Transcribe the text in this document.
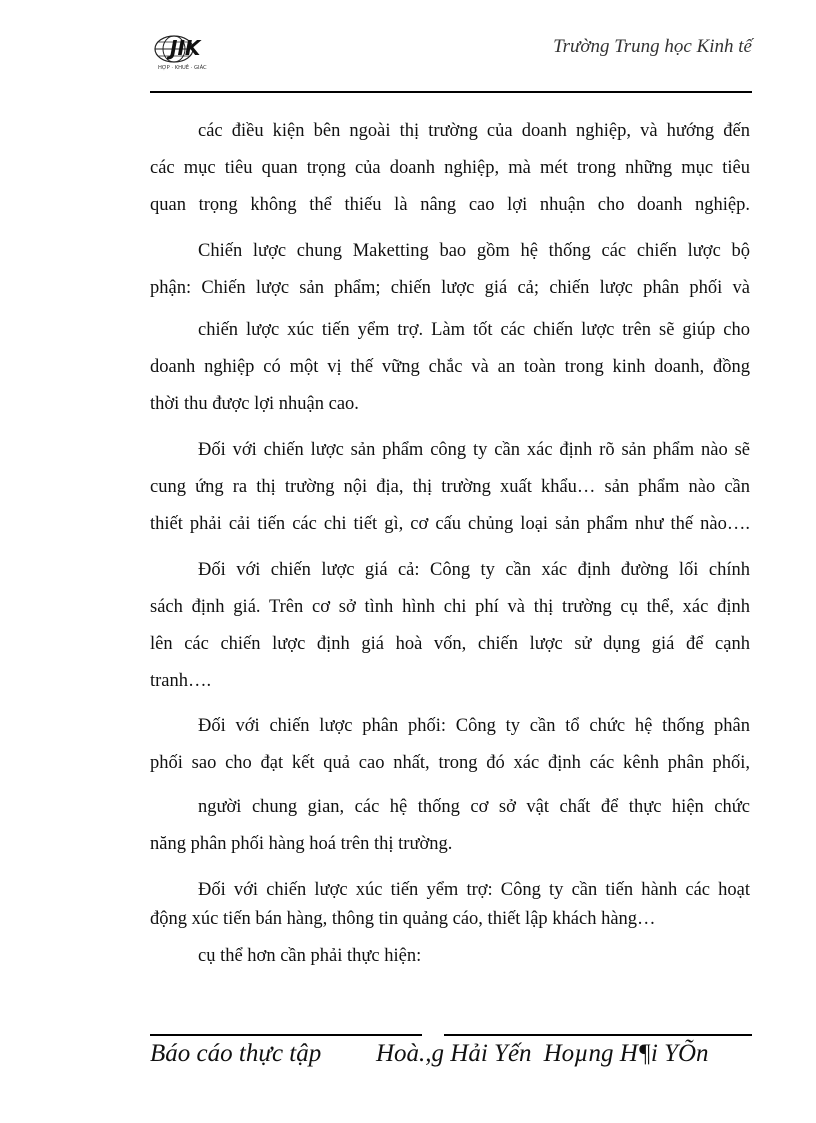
JIK
HỢP · KHUÊ · GIÁC
Trường Trung học Kinh tế

các điều kiện bên ngoài thị trường của doanh nghiệp, và hướng đến

các mục tiêu quan trọng của doanh nghiệp, mà mét trong những mục tiêu

quan trọng không thể thiếu là nâng cao lợi nhuận cho doanh nghiệp.

Chiến lược chung Maketting bao gồm hệ thống các chiến lược bộ

phận: Chiến lược sản phẩm; chiến lược giá cả; chiến lược phân phối và

chiến lược xúc tiến yểm trợ. Làm tốt các chiến lược trên sẽ giúp cho

doanh nghiệp có một vị thế vững chắc và an toàn trong kinh doanh, đồng

thời thu được lợi nhuận cao.

Đối với chiến lược sản phẩm công ty cần xác định rõ sản phẩm nào sẽ

cung ứng ra thị trường nội địa, thị trường xuất khẩu… sản phẩm nào cần

thiết phải cải tiến các chi tiết gì, cơ cấu chủng loại sản phẩm như thế nào….

Đối với chiến lược giá cả: Công ty cần xác định đường lối chính

sách định giá. Trên cơ sở tình hình chi phí và thị trường cụ thể, xác định

lên các chiến lược định giá hoà vốn, chiến lược sử dụng giá để cạnh

tranh….

Đối với chiến lược phân phối: Công ty cần tổ chức hệ thống phân

phối sao cho đạt kết quả cao nhất, trong đó xác định các kênh phân phối,

người chung gian, các hệ thống cơ sở vật chất để thực hiện chức

năng phân phối hàng hoá trên thị trường.

Đối với chiến lược xúc tiến yểm trợ: Công ty cần tiến hành các hoạt

động xúc tiến bán hàng, thông tin quảng cáo, thiết lập khách hàng…

cụ thể hơn cần phải thực hiện:

Báo cáo thực tập Hoà.,g Hải Yến Hoµng H¶i YÕn
